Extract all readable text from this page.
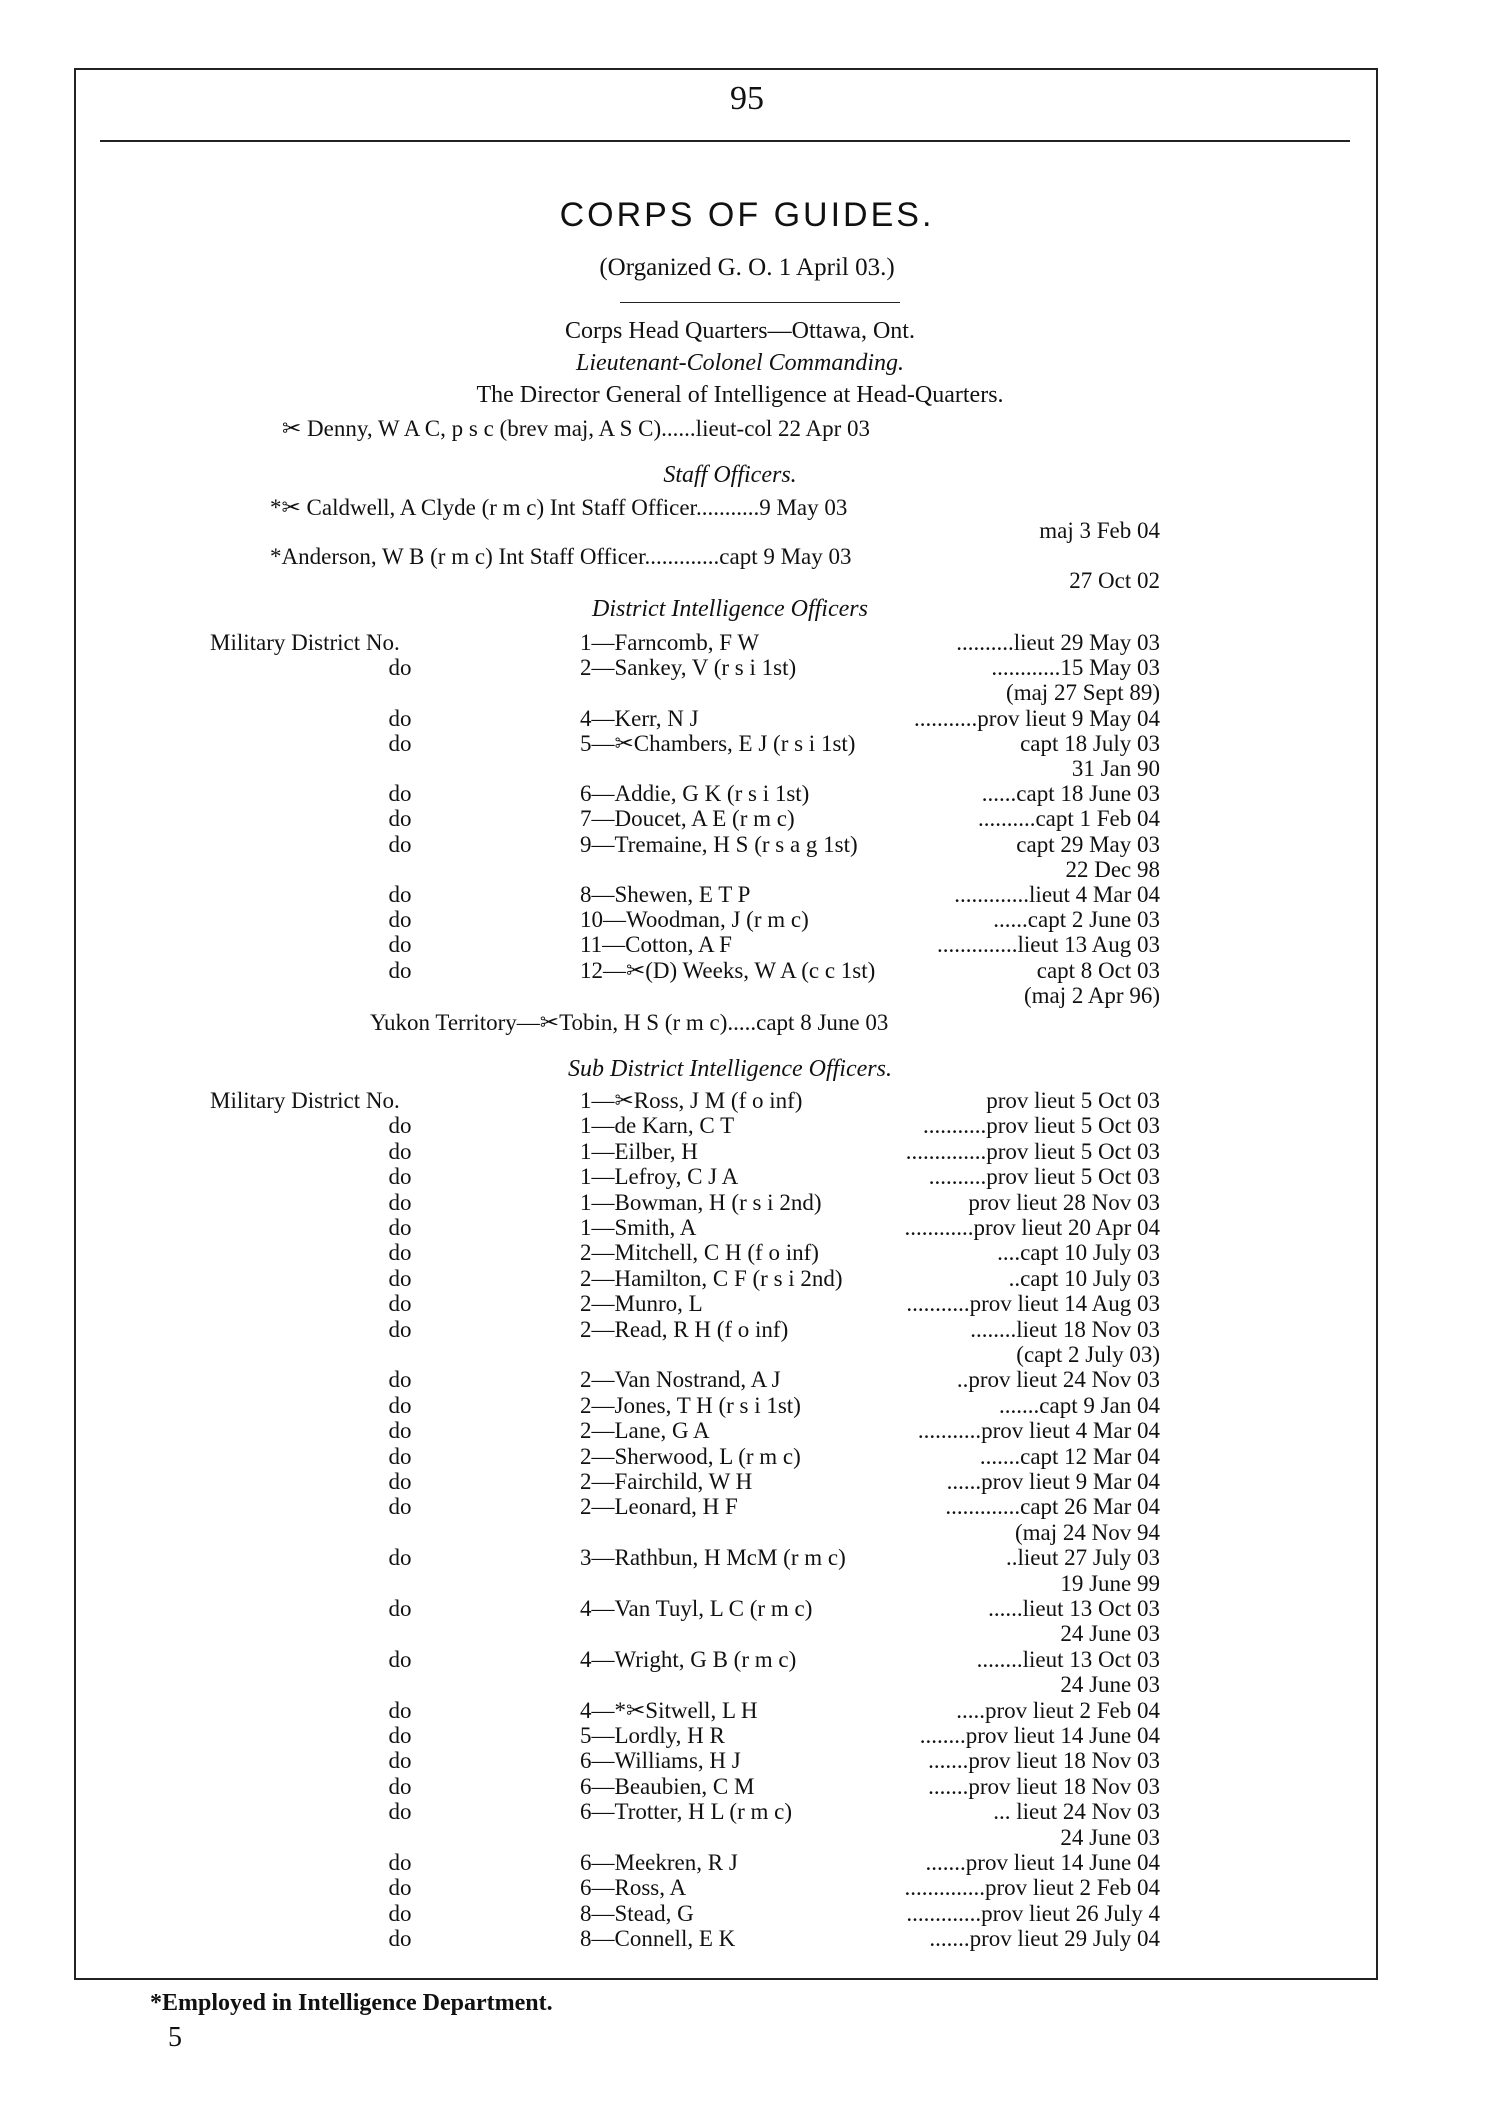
95
CORPS OF GUIDES.
(Organized G. O. 1 April 03.)
Corps Head Quarters—Ottawa, Ont.
Lieutenant-Colonel Commanding.
The Director General of Intelligence at Head-Quarters.
✂ Denny, W A C, p s c (brev maj, A S C)......lieut-col 22 Apr 03
Staff Officers.
*✂ Caldwell, A Clyde (r m c) Int Staff Officer...........9 May 03
maj 3 Feb 04
*Anderson, W B (r m c) Int Staff Officer.............capt 9 May 03
27 Oct 02
District Intelligence Officers
Military District No.	1—Farncomb, F W	..........lieut 29 May 03
do	2—Sankey, V (r s i 1st)	............15 May 03
(maj 27 Sept 89)
do	4—Kerr, N J	...........prov lieut 9 May 04
do	5—✂Chambers, E J (r s i 1st)	capt 18 July 03
31 Jan 90
do	6—Addie, G K (r s i 1st)	......capt 18 June 03
do	7—Doucet, A E (r m c)	..........capt 1 Feb 04
do	9—Tremaine, H S (r s a g 1st)	capt 29 May 03
22 Dec 98
do	8—Shewen, E T P	.............lieut 4 Mar 04
do	10—Woodman, J (r m c)	......capt 2 June 03
do	11—Cotton, A F	..............lieut 13 Aug 03
do	12—✂(D) Weeks, W A (c c 1st)	capt 8 Oct 03
(maj 2 Apr 96)
Yukon Territory—✂Tobin, H S (r m c).....capt 8 June 03
Sub District Intelligence Officers.
Military District No.	1—✂Ross, J M (f o inf)	prov lieut 5 Oct 03
do	1—de Karn, C T	...........prov lieut 5 Oct 03
do	1—Eilber, H	..............prov lieut 5 Oct 03
do	1—Lefroy, C J A	..........prov lieut 5 Oct 03
do	1—Bowman, H (r s i 2nd)	prov lieut 28 Nov 03
do	1—Smith, A	............prov lieut 20 Apr 04
do	2—Mitchell, C H (f o inf)	....capt 10 July 03
do	2—Hamilton, C F (r s i 2nd)	..capt 10 July 03
do	2—Munro, L	...........prov lieut 14 Aug 03
do	2—Read, R H (f o inf)	........lieut 18 Nov 03
(capt 2 July 03)
do	2—Van Nostrand, A J	..prov lieut 24 Nov 03
do	2—Jones, T H (r s i 1st)	.......capt 9 Jan 04
do	2—Lane, G A	...........prov lieut 4 Mar 04
do	2—Sherwood, L (r m c)	.......capt 12 Mar 04
do	2—Fairchild, W H	......prov lieut 9 Mar 04
do	2—Leonard, H F	.............capt 26 Mar 04
(maj 24 Nov 94
do	3—Rathbun, H McM (r m c)	..lieut 27 July 03
19 June 99
do	4—Van Tuyl, L C (r m c)	......lieut 13 Oct 03
24 June 03
do	4—Wright, G B (r m c)	........lieut 13 Oct 03
24 June 03
do	4—*✂Sitwell, L H	.....prov lieut 2 Feb 04
do	5—Lordly, H R	........prov lieut 14 June 04
do	6—Williams, H J	.......prov lieut 18 Nov 03
do	6—Beaubien, C M	.......prov lieut 18 Nov 03
do	6—Trotter, H L (r m c)	... lieut 24 Nov 03
24 June 03
do	6—Meekren, R J	.......prov lieut 14 June 04
do	6—Ross, A	..............prov lieut 2 Feb 04
do	8—Stead, G	.............prov lieut 26 July 4
do	8—Connell, E K	.......prov lieut 29 July 04
*Employed in Intelligence Department.
5
